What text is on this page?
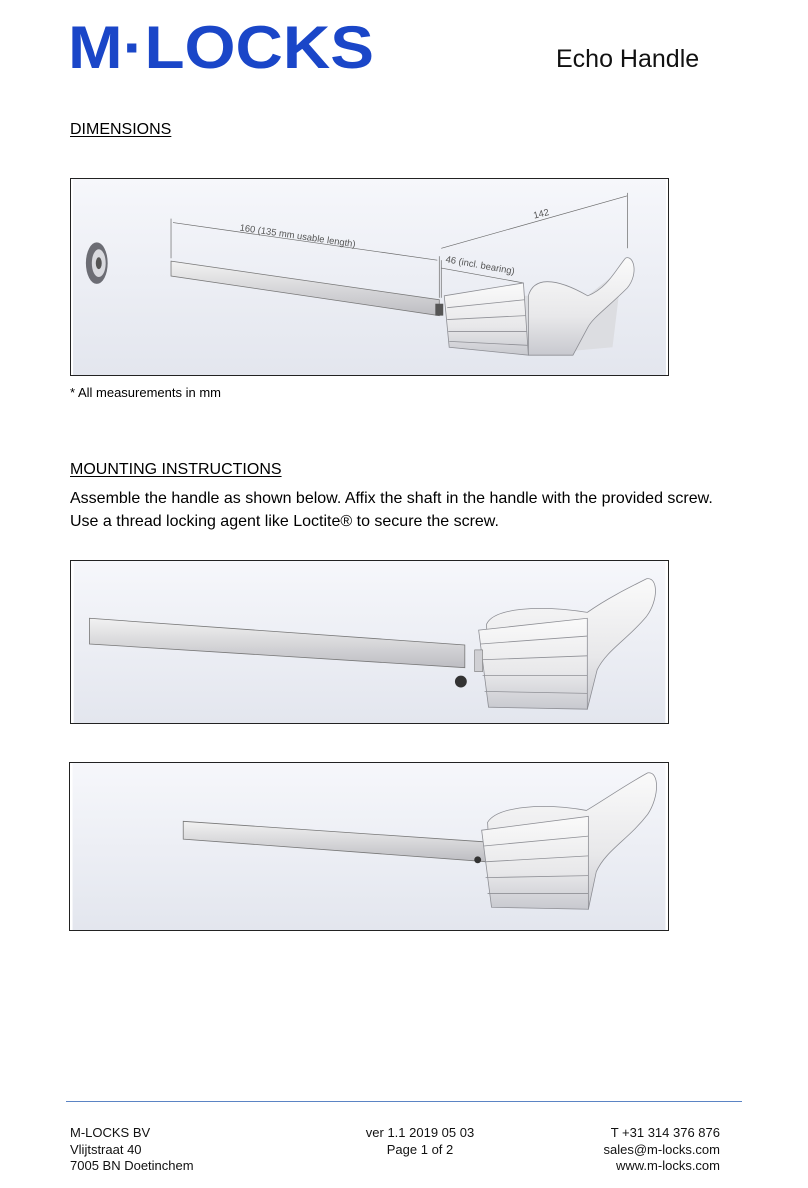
M·LOCKS	Echo Handle
DIMENSIONS
160 (135 mm usable length)
142
46 (incl. bearing)
* All measurements in mm
MOUNTING INSTRUCTIONS
Assemble the handle as shown below. Affix the shaft in the handle with the provided screw.
Use a thread locking agent like Loctite® to secure the screw.
M-LOCKS BV
Vlijtstraat 40
7005 BN Doetinchem
ver 1.1 2019 05 03
Page 1 of 2
T +31 314 376 876
sales@m-locks.com
www.m-locks.com
